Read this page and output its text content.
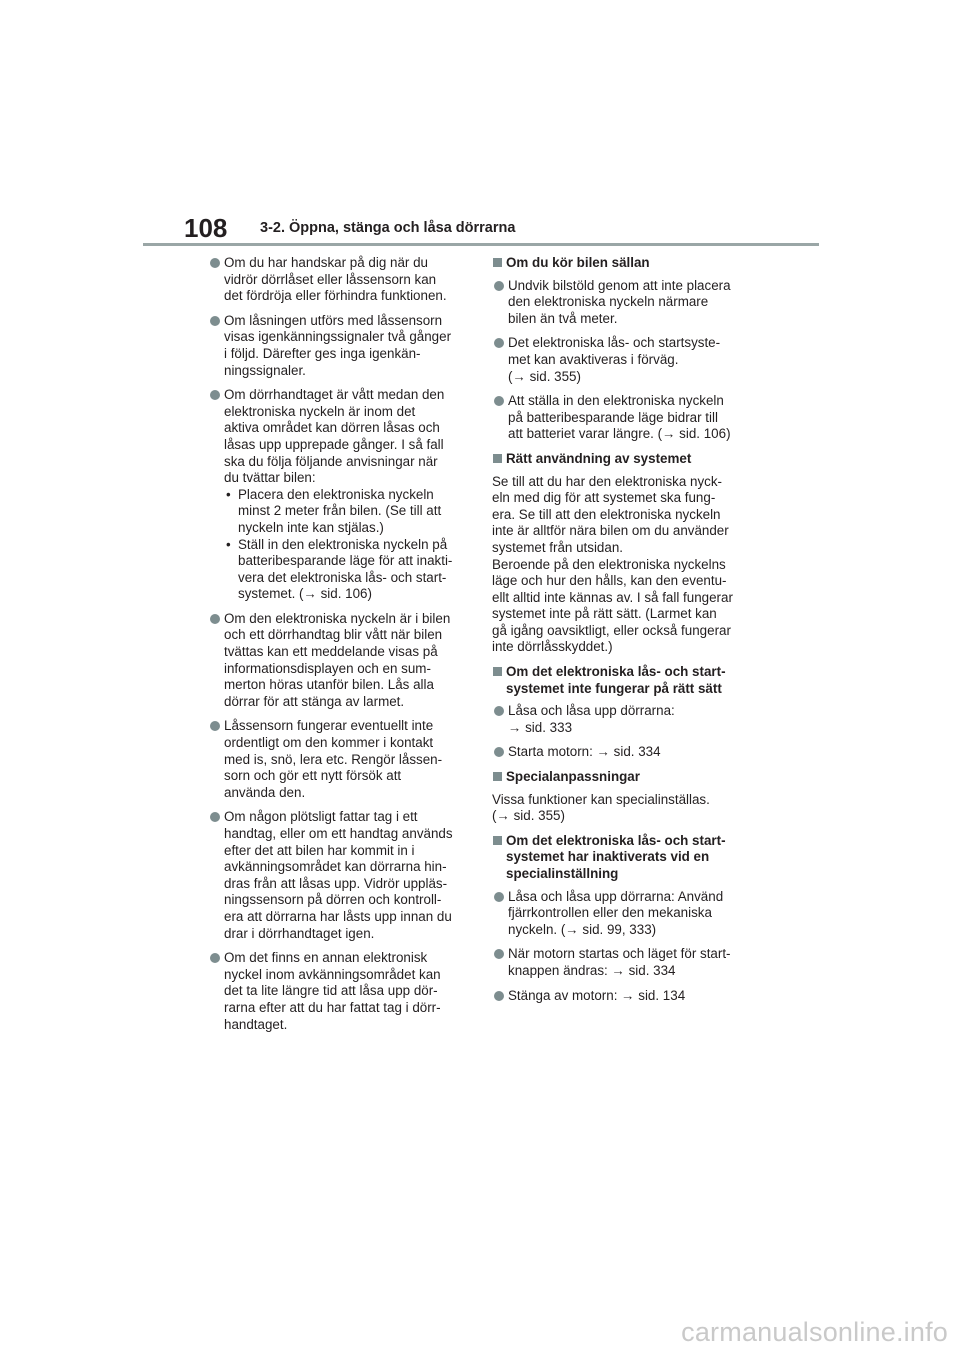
108 3-2. Öppna, stänga och låsa dörrarna
Om du har handskar på dig när du
vidrör dörrlåset eller låssensorn kan
det fördröja eller förhindra funktionen.
Om låsningen utförs med låssensorn
visas igenkänningssignaler två gånger
i följd. Därefter ges inga igenkän-
ningssignaler.
Om dörrhandtaget är vått medan den
elektroniska nyckeln är inom det
aktiva området kan dörren låsas och
låsas upp upprepade gånger. I så fall
ska du följa följande anvisningar när
du tvättar bilen:
• Placera den elektroniska nyckeln
minst 2 meter från bilen. (Se till att
nyckeln inte kan stjälas.)
• Ställ in den elektroniska nyckeln på
batteribesparande läge för att inakti-
vera det elektroniska lås- och start-
systemet. (→ sid. 106)
Om den elektroniska nyckeln är i bilen
och ett dörrhandtag blir vått när bilen
tvättas kan ett meddelande visas på
informationsdisplayen och en sum-
merton höras utanför bilen. Lås alla
dörrar för att stänga av larmet.
Låssensorn fungerar eventuellt inte
ordentligt om den kommer i kontakt
med is, snö, lera etc. Rengör låssen-
sorn och gör ett nytt försök att
använda den.
Om någon plötsligt fattar tag i ett
handtag, eller om ett handtag används
efter det att bilen har kommit in i
avkänningsområdet kan dörrarna hin-
dras från att låsas upp. Vidrör uppläs-
ningssensorn på dörren och kontroll-
era att dörrarna har låsts upp innan du
drar i dörrhandtaget igen.
Om det finns en annan elektronisk
nyckel inom avkänningsområdet kan
det ta lite längre tid att låsa upp dör-
rarna efter att du har fattat tag i dörr-
handtaget.
Om du kör bilen sällan
Undvik bilstöld genom att inte placera
den elektroniska nyckeln närmare
bilen än två meter.
Det elektroniska lås- och startsyste-
met kan avaktiveras i förväg.
(→ sid. 355)
Att ställa in den elektroniska nyckeln
på batteribesparande läge bidrar till
att batteriet varar längre. (→ sid. 106)
Rätt användning av systemet
Se till att du har den elektroniska nyck-
eln med dig för att systemet ska fung-
era. Se till att den elektroniska nyckeln
inte är alltför nära bilen om du använder
systemet från utsidan.
Beroende på den elektroniska nyckelns
läge och hur den hålls, kan den eventu-
ellt alltid inte kännas av. I så fall fungerar
systemet inte på rätt sätt. (Larmet kan
gå igång oavsiktligt, eller också fungerar
inte dörrlåsskyddet.)
Om det elektroniska lås- och start-
systemet inte fungerar på rätt sätt
Låsa och låsa upp dörrarna:
→ sid. 333
Starta motorn: → sid. 334
Specialanpassningar
Vissa funktioner kan specialinställas.
(→ sid. 355)
Om det elektroniska lås- och start-
systemet har inaktiverats vid en
specialinställning
Låsa och låsa upp dörrarna: Använd
fjärrkontrollen eller den mekaniska
nyckeln. (→ sid. 99, 333)
När motorn startas och läget för start-
knappen ändras: → sid. 334
Stänga av motorn: → sid. 134
carmanualsonline.info
